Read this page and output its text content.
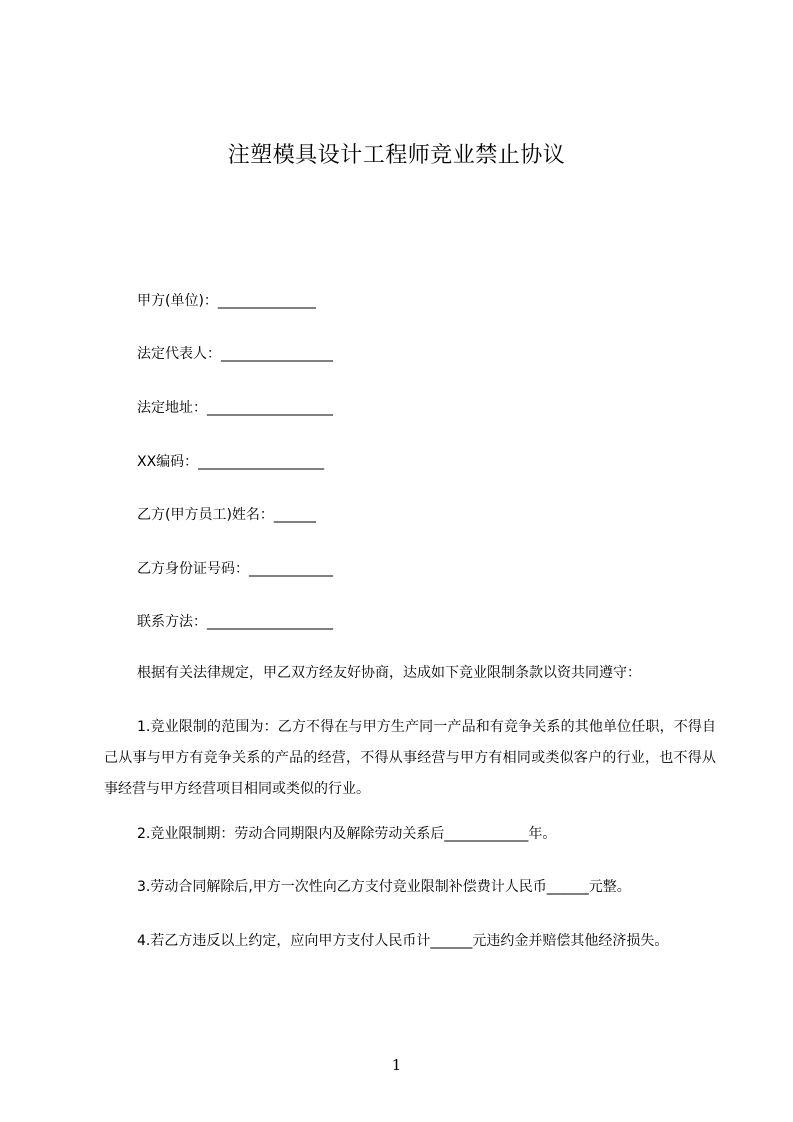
注塑模具设计工程师竞业禁止协议
甲方(单位)：______________
法定代表人：________________
法定地址：__________________
XX编码：__________________
乙方(甲方员工)姓名：______
乙方身份证号码：____________
联系方法：__________________
根据有关法律规定，甲乙双方经友好协商，达成如下竞业限制条款以资共同遵守：
1.竞业限制的范围为：乙方不得在与甲方生产同一产品和有竞争关系的其他单位任职，不得自己从事与甲方有竞争关系的产品的经营，不得从事经营与甲方有相同或类似客户的行业，也不得从事经营与甲方经营项目相同或类似的行业。
2.竞业限制期：劳动合同期限内及解除劳动关系后____________年。
3.劳动合同解除后,甲方一次性向乙方支付竞业限制补偿费计人民币______元整。
4.若乙方违反以上约定，应向甲方支付人民币计______元违约金并赔偿其他经济损失。
1
